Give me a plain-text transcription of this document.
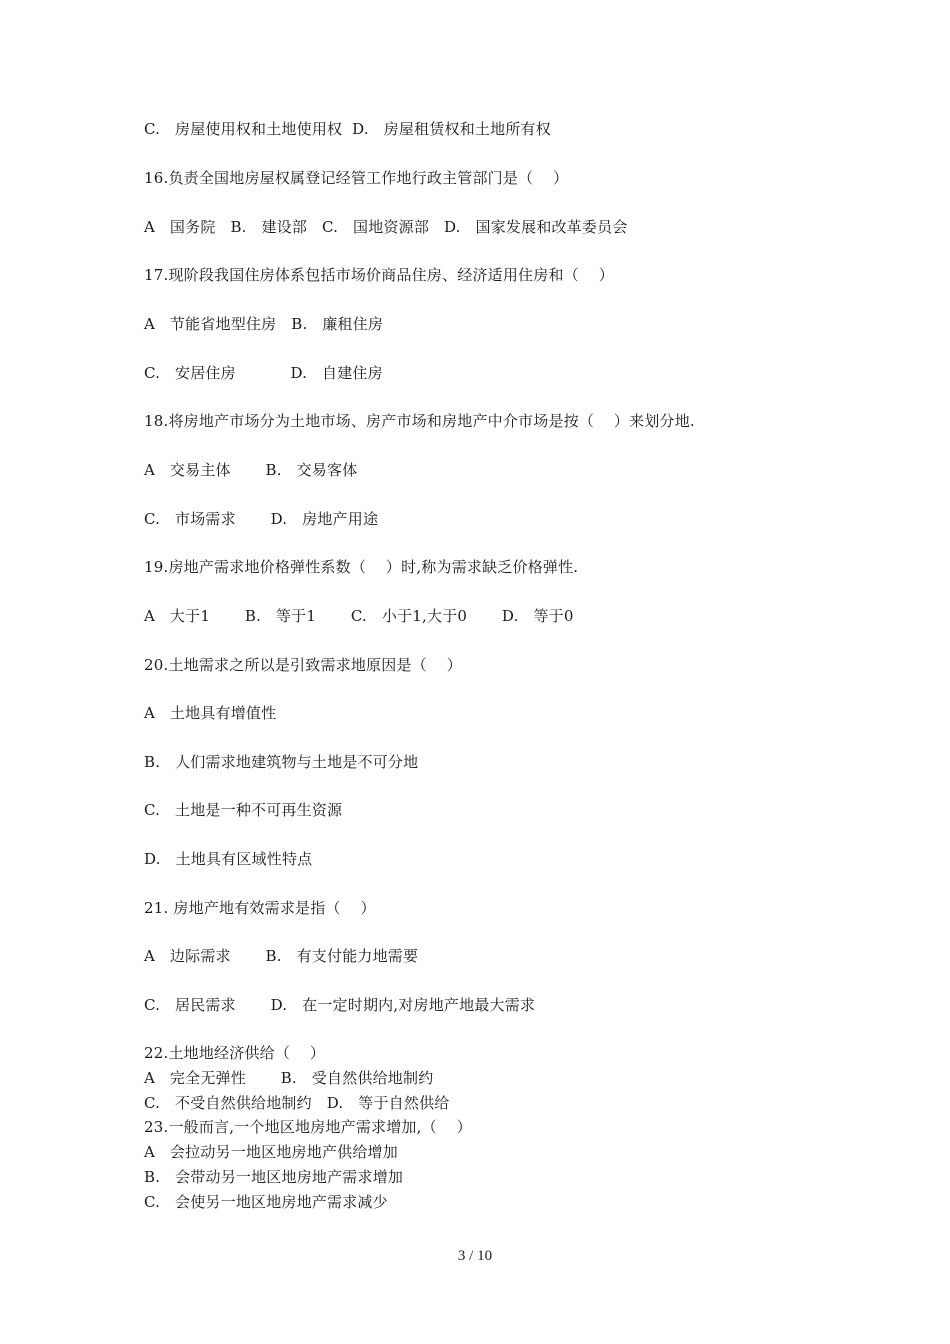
C.   房屋使用权和土地使用权  D.   房屋租赁权和土地所有权
16.负责全国地房屋权属登记经管工作地行政主管部门是（    ）
A   国务院   B.   建设部   C.   国地资源部   D.   国家发展和改革委员会
17.现阶段我国住房体系包括市场价商品住房、经济适用住房和（    ）
A   节能省地型住房   B.   廉租住房
C.   安居住房           D.   自建住房
18.将房地产市场分为土地市场、房产市场和房地产中介市场是按（    ）来划分地.
A   交易主体       B.   交易客体
C.   市场需求       D.   房地产用途
19.房地产需求地价格弹性系数（    ）时,称为需求缺乏价格弹性.
A   大于1       B.   等于1       C.   小于1,大于0       D.   等于0
20.土地需求之所以是引致需求地原因是（    ）
A   土地具有增值性
B.   人们需求地建筑物与土地是不可分地
C.   土地是一种不可再生资源
D.   土地具有区域性特点
21. 房地产地有效需求是指（    ）
A   边际需求       B.   有支付能力地需要
C.   居民需求       D.   在一定时期内,对房地产地最大需求
22.土地地经济供给（    ）
A   完全无弹性       B.   受自然供给地制约
C.   不受自然供给地制约   D.   等于自然供给
23.一般而言,一个地区地房地产需求增加,（    ）
A   会拉动另一地区地房地产供给增加
B.   会带动另一地区地房地产需求增加
C.   会使另一地区地房地产需求减少
3 / 10
